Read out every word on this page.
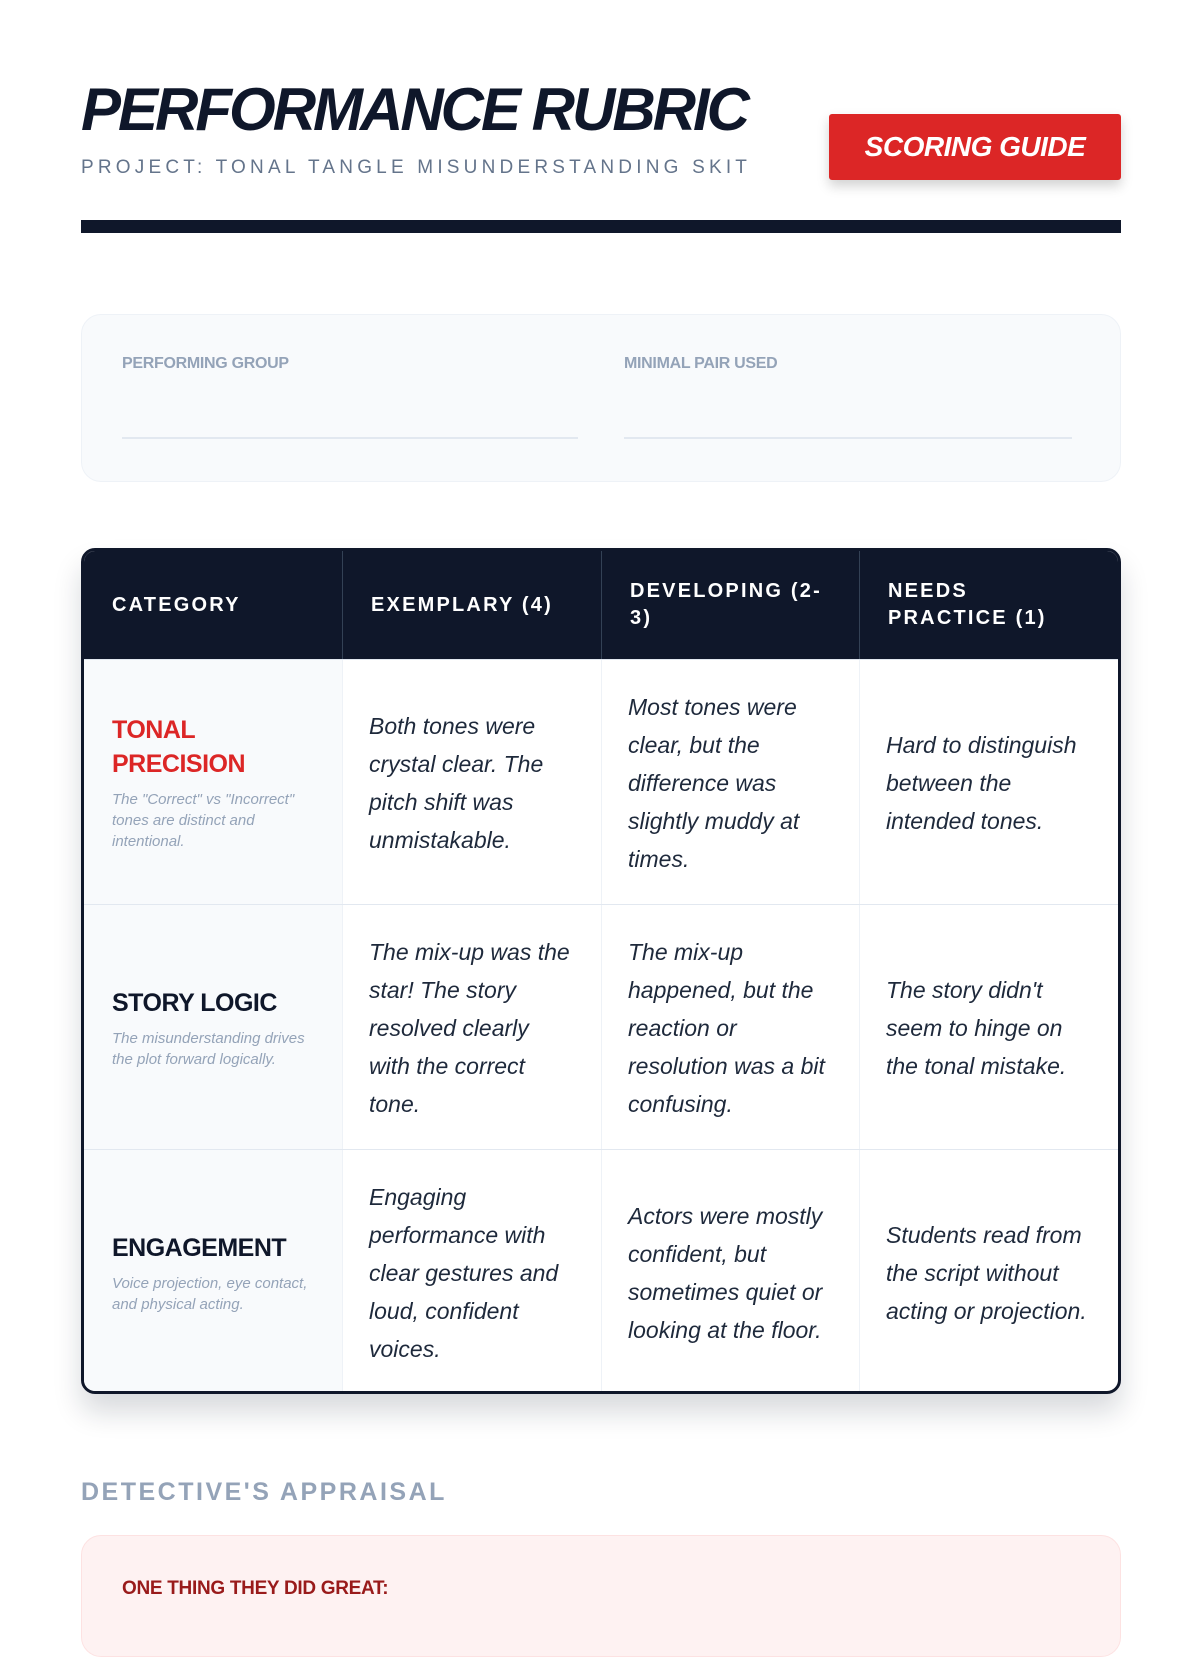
PERFORMANCE RUBRIC
PROJECT: TONAL TANGLE MISUNDERSTANDING SKIT
SCORING GUIDE
PERFORMING GROUP	MINIMAL PAIR USED
CATEGORY	EXEMPLARY (4)
DEVELOPING (2-3)
NEEDS PRACTICE (1)
TONAL PRECISION
The "Correct" vs "Incorrect" tones are distinct and intentional.
Both tones were crystal clear. The pitch shift was unmistakable.
Most tones were clear, but the difference was slightly muddy at times.
Hard to distinguish between the intended tones.
STORY LOGIC
The misunderstanding drives the plot forward logically.
The mix-up was the star! The story resolved clearly with the correct tone.
The mix-up happened, but the reaction or resolution was a bit confusing.
The story didn't seem to hinge on the tonal mistake.
ENGAGEMENT
Voice projection, eye contact, and physical acting.
Engaging performance with clear gestures and loud, confident voices.
Actors were mostly confident, but sometimes quiet or looking at the floor.
Students read from the script without acting or projection.
DETECTIVE'S APPRAISAL
ONE THING THEY DID GREAT:
